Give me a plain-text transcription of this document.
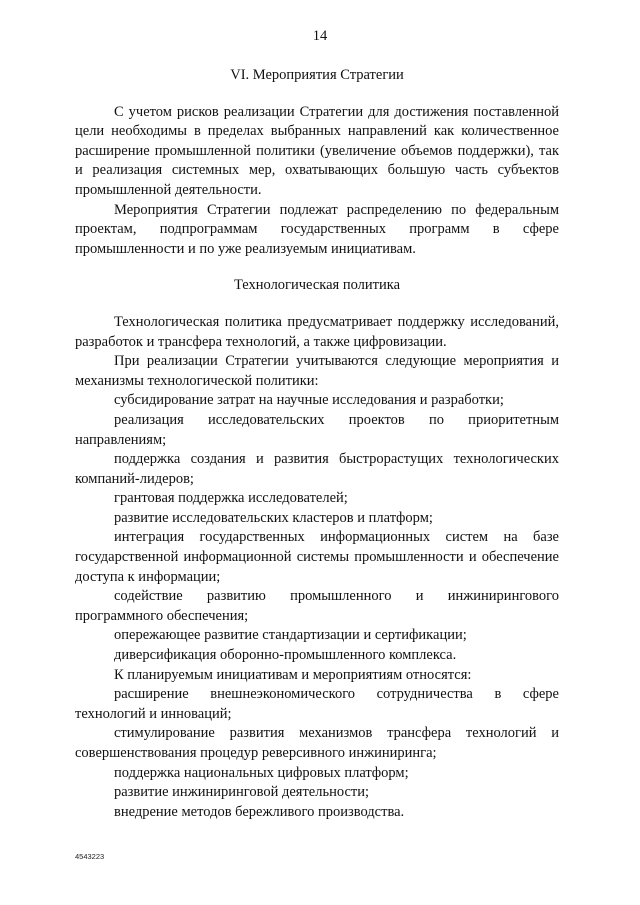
14
VI. Мероприятия Стратегии

С учетом рисков реализации Стратегии для достижения поставленной цели необходимы в пределах выбранных направлений как количественное расширение промышленной политики (увеличение объемов поддержки), так и реализация системных мер, охватывающих большую часть субъектов промышленной деятельности.

Мероприятия Стратегии подлежат распределению по федеральным проектам, подпрограммам государственных программ в сфере промышленности и по уже реализуемым инициативам.

Технологическая политика

Технологическая политика предусматривает поддержку исследований, разработок и трансфера технологий, а также цифровизации.

При реализации Стратегии учитываются следующие мероприятия и механизмы технологической политики:

субсидирование затрат на научные исследования и разработки;

реализация исследовательских проектов по приоритетным направлениям;

поддержка создания и развития быстрорастущих технологических компаний-лидеров;

грантовая поддержка исследователей;

развитие исследовательских кластеров и платформ;

интеграция государственных информационных систем на базе государственной информационной системы промышленности и обеспечение доступа к информации;

содействие развитию промышленного и инжинирингового программного обеспечения;

опережающее развитие стандартизации и сертификации;

диверсификация оборонно-промышленного комплекса.

К планируемым инициативам и мероприятиям относятся:

расширение внешнеэкономического сотрудничества в сфере технологий и инноваций;

стимулирование развития механизмов трансфера технологий и совершенствования процедур реверсивного инжиниринга;

поддержка национальных цифровых платформ;

развитие инжиниринговой деятельности;

внедрение методов бережливого производства.

4543223
